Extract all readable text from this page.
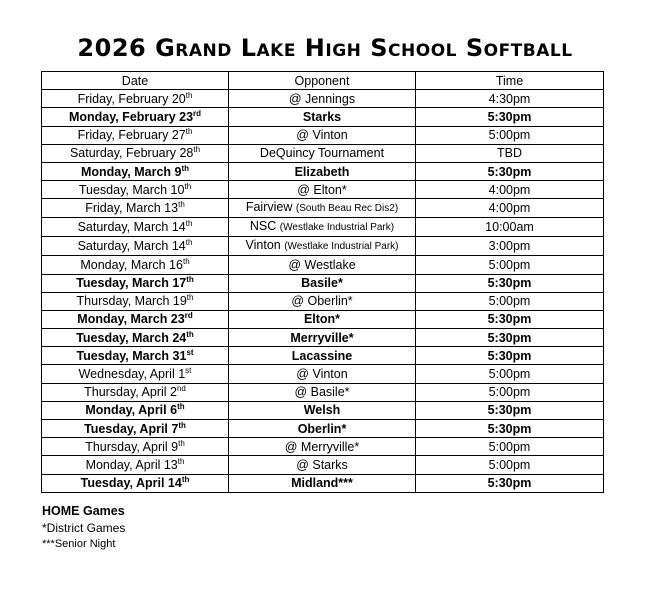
2026 Grand Lake High School Softball
Date	Opponent	Time
Friday, February 20th	@ Jennings	4:30pm
Monday, February 23rd	Starks	5:30pm
Friday, February 27th	@ Vinton	5:00pm
Saturday, February 28th	DeQuincy Tournament	TBD
Monday, March 9th	Elizabeth	5:30pm
Tuesday, March 10th	@ Elton*	4:00pm
Friday, March 13th	Fairview (South Beau Rec Dis2)	4:00pm
Saturday, March 14th	NSC (Westlake Industrial Park)	10:00am
Saturday, March 14th	Vinton (Westlake Industrial Park)	3:00pm
Monday, March 16th	@ Westlake	5:00pm
Tuesday, March 17th	Basile*	5:30pm
Thursday, March 19th	@ Oberlin*	5:00pm
Monday, March 23rd	Elton*	5:30pm
Tuesday, March 24th	Merryville*	5:30pm
Tuesday, March 31st	Lacassine	5:30pm
Wednesday, April 1st	@ Vinton	5:00pm
Thursday, April 2nd	@ Basile*	5:00pm
Monday, April 6th	Welsh	5:30pm
Tuesday, April 7th	Oberlin*	5:30pm
Thursday, April 9th	@ Merryville*	5:00pm
Monday, April 13th	@ Starks	5:00pm
Tuesday, April 14th	Midland***	5:30pm
HOME Games
*District Games
***Senior Night
